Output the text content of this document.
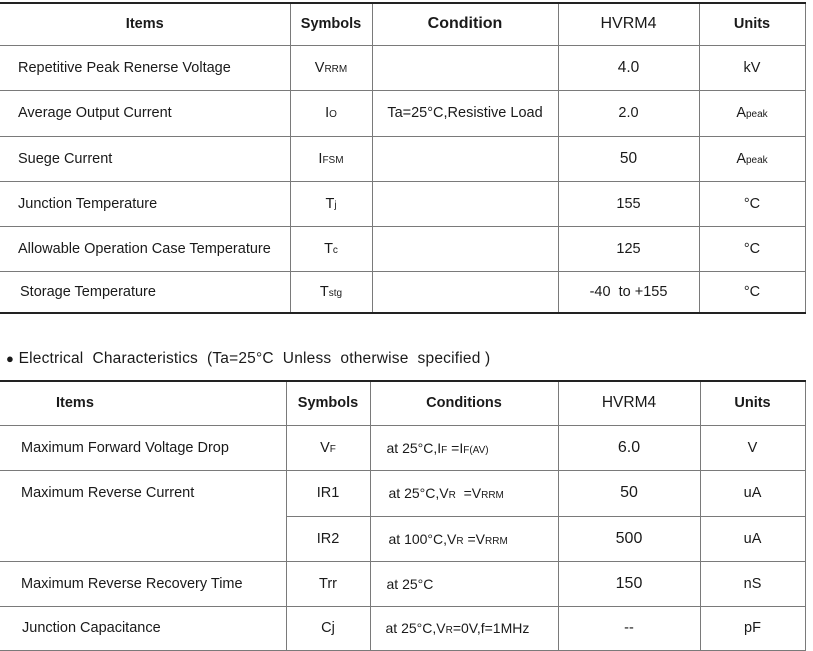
Items	Symbols	Condition	HVRM4	Units
Repetitive Peak Renerse Voltage	VRRM		4.0	kV
Average Output Current	IO	Ta=25°C,Resistive Load	2.0	Apeak
Suege Current	IFSM		50	Apeak
Junction Temperature	Tj		155	°C
Allowable Operation Case Temperature	Tc		125	°C
Storage Temperature	Tstg		-40  to +155	°C
● Electrical  Characteristics  (Ta=25°C  Unless  otherwise  specified )
Items	Symbols	Conditions	HVRM4	Units
Maximum Forward Voltage Drop	VF	at 25°C,IF =IF(AV)	6.0	V
Maximum Reverse Current	IR1	at 25°C,VR  =VRRM	50	uA
	IR2	at 100°C,VR =VRRM	500	uA
Maximum Reverse Recovery Time	Trr	at 25°C	150	nS
Junction Capacitance	Cj	at 25°C,VR=0V,f=1MHz	--	pF
